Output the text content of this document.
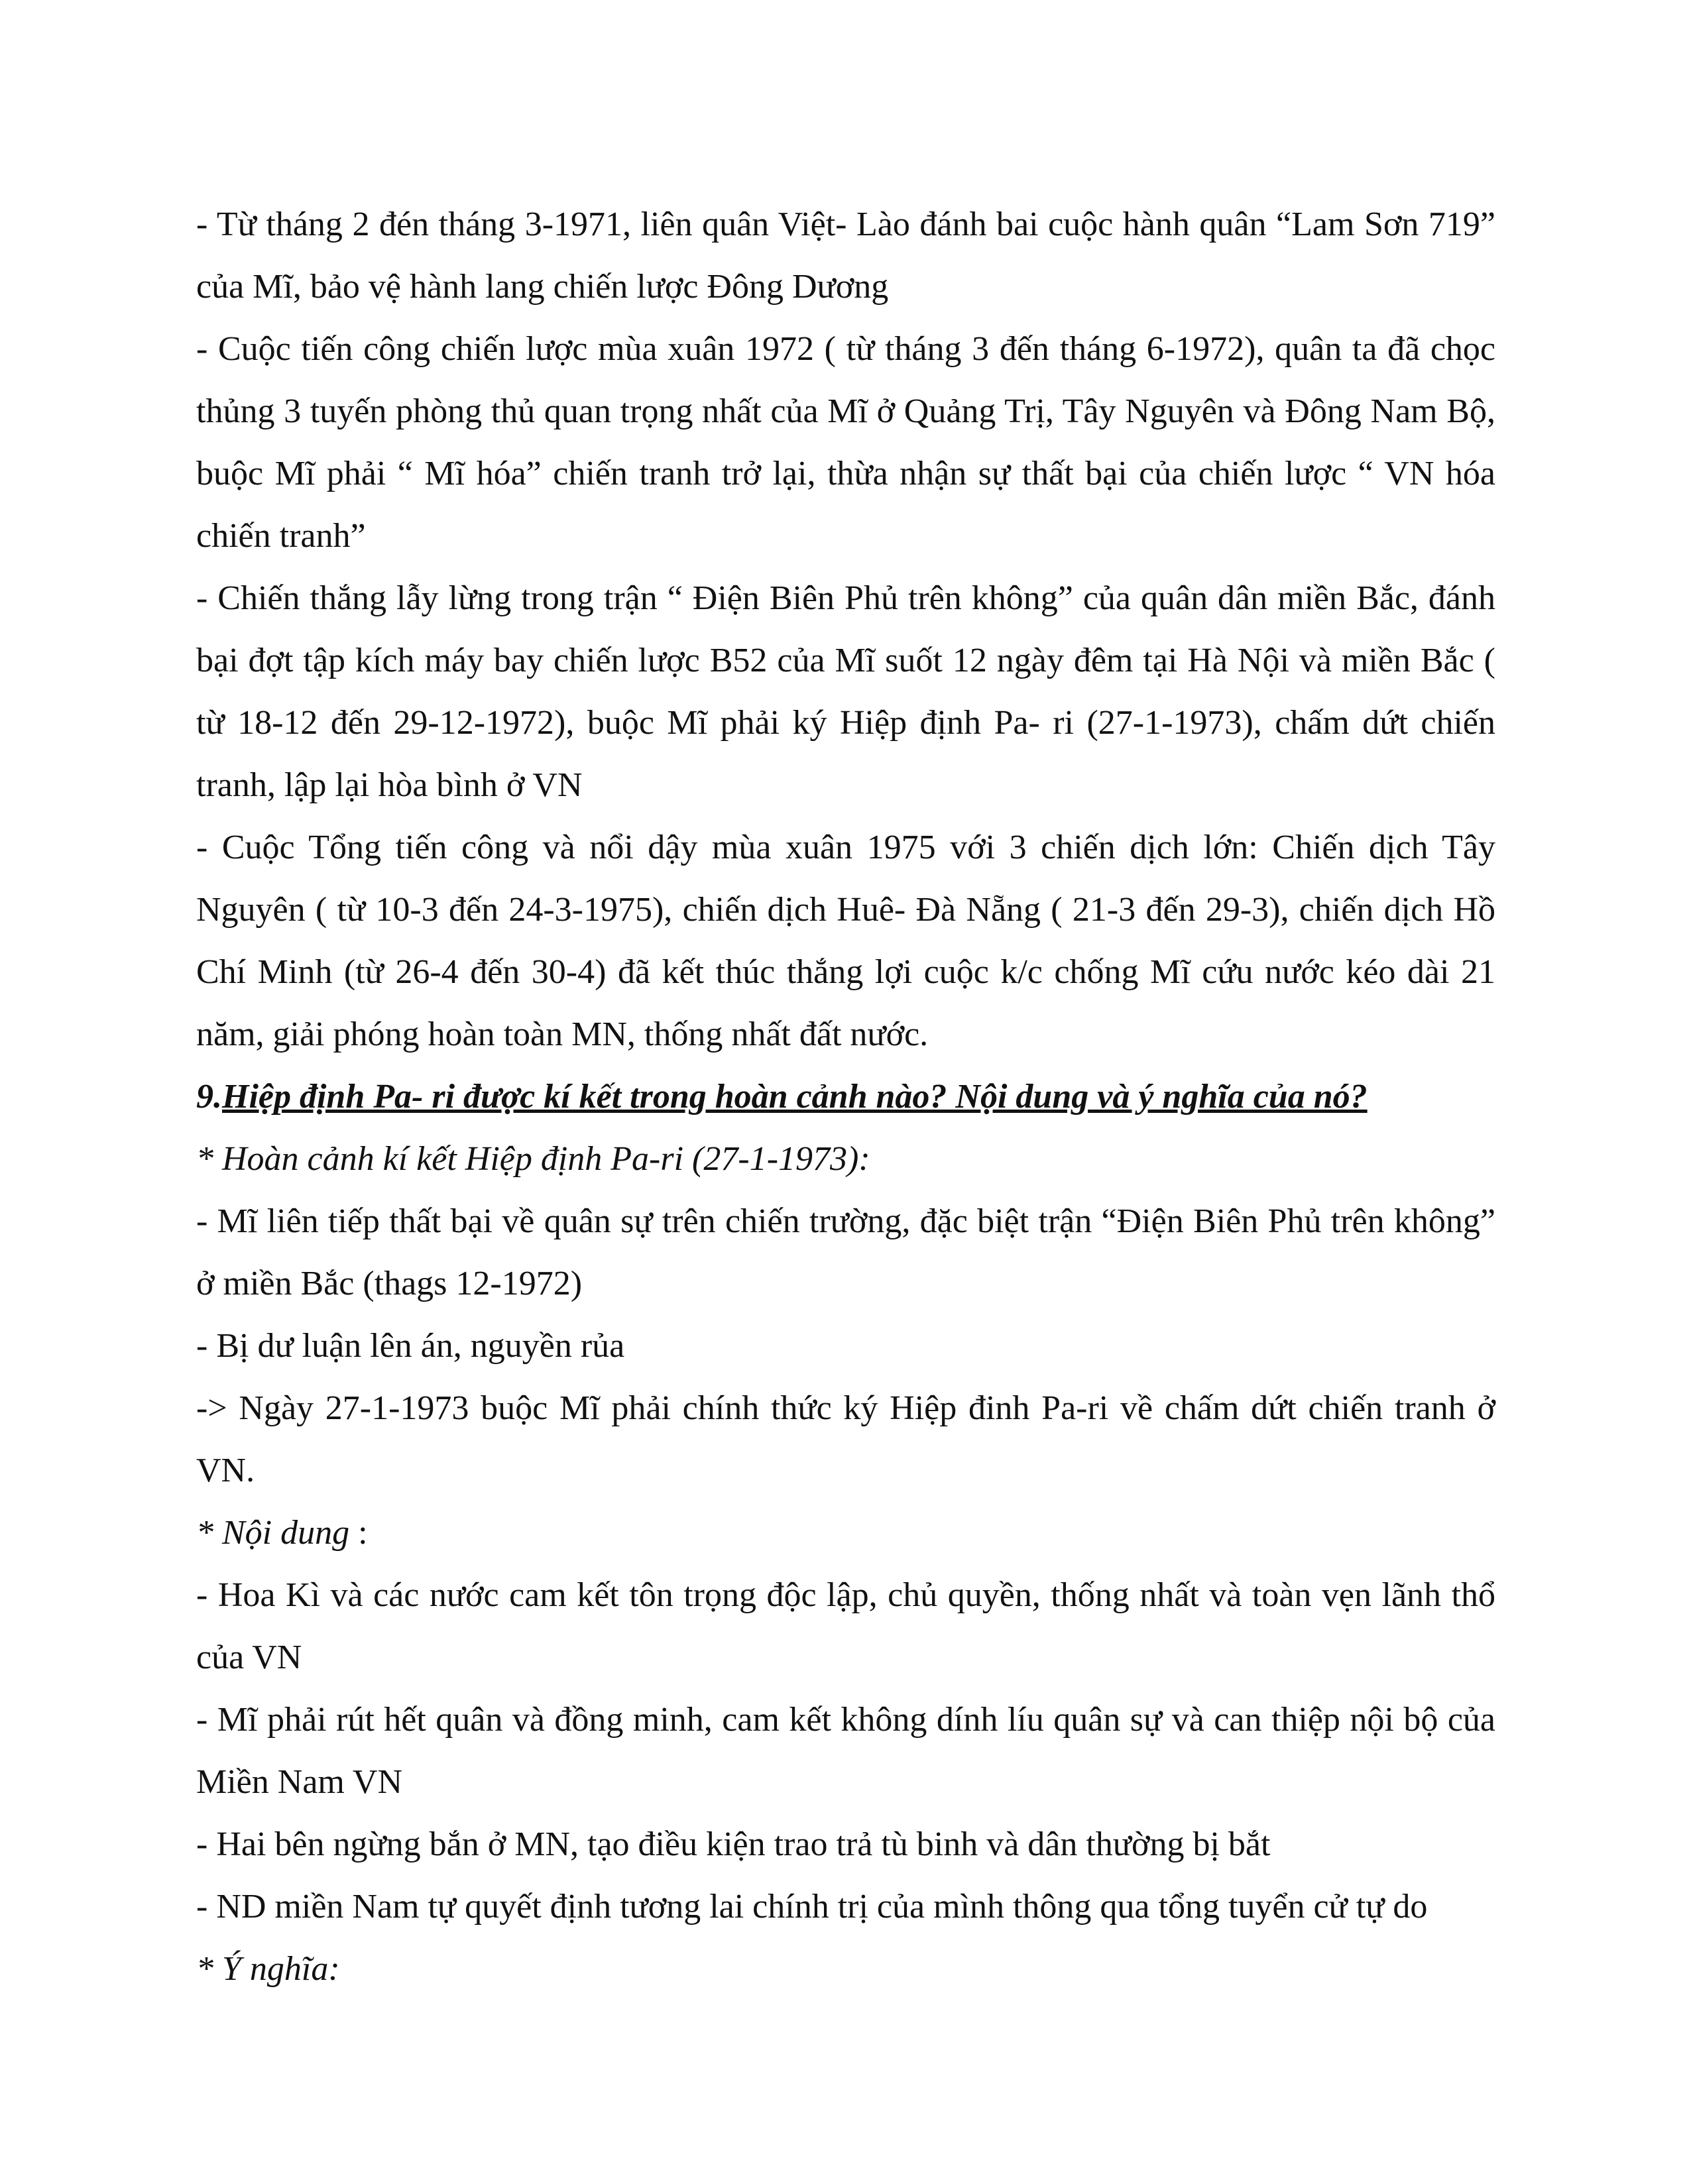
- Từ tháng 2 đén tháng 3-1971, liên quân Việt- Lào đánh bai cuộc hành quân “Lam Sơn 719” của Mĩ, bảo vệ hành lang chiến lược Đông Dương

- Cuộc tiến công chiến lược mùa xuân 1972 ( từ tháng 3 đến tháng 6-1972), quân ta đã chọc thủng 3 tuyến phòng thủ quan trọng nhất của Mĩ ở Quảng Trị, Tây Nguyên và Đông Nam Bộ, buộc Mĩ phải “ Mĩ hóa” chiến tranh trở lại, thừa nhận sự thất bại của chiến lược “ VN hóa chiến tranh”

- Chiến thắng lẫy lừng trong trận “ Điện Biên Phủ trên không” của quân dân miền Bắc, đánh bại đợt tập kích máy bay chiến lược B52 của Mĩ suốt 12 ngày đêm tại Hà Nội và miền Bắc ( từ 18-12 đến 29-12-1972), buộc Mĩ phải ký Hiệp định Pa- ri (27-1-1973), chấm dứt chiến tranh, lập lại hòa bình ở VN

- Cuộc Tổng tiến công và nổi dậy mùa xuân 1975 với 3 chiến dịch lớn: Chiến dịch Tây Nguyên ( từ 10-3 đến 24-3-1975), chiến dịch Huê- Đà Nẵng ( 21-3 đến 29-3), chiến dịch Hồ Chí Minh (từ 26-4 đến 30-4) đã kết thúc thắng lợi cuộc k/c chống Mĩ cứu nước kéo dài 21 năm, giải phóng hoàn toàn MN, thống nhất đất nước.

9.Hiệp định Pa- ri được kí kết trong hoàn cảnh nào? Nội dung và ý nghĩa của nó?

* Hoàn cảnh kí kết Hiệp định Pa-ri (27-1-1973):

- Mĩ liên tiếp thất bại về quân sự trên chiến trường, đặc biệt trận “Điện Biên Phủ trên không” ở miền Bắc (thags 12-1972)

- Bị dư luận lên án, nguyền rủa

-> Ngày 27-1-1973 buộc Mĩ phải chính thức ký Hiệp đinh Pa-ri về chấm dứt chiến tranh ở VN.

* Nội dung :

- Hoa Kì và các nước cam kết tôn trọng độc lập, chủ quyền, thống nhất và toàn vẹn lãnh thổ của VN

- Mĩ phải rút hết quân và đồng minh, cam kết không dính líu quân sự và can thiệp nội bộ của Miền Nam VN

- Hai bên ngừng bắn ở MN, tạo điều kiện trao trả tù binh và dân thường bị bắt

- ND miền Nam tự quyết định tương lai chính trị của mình thông qua tổng tuyển cử tự do

* Ý nghĩa:
